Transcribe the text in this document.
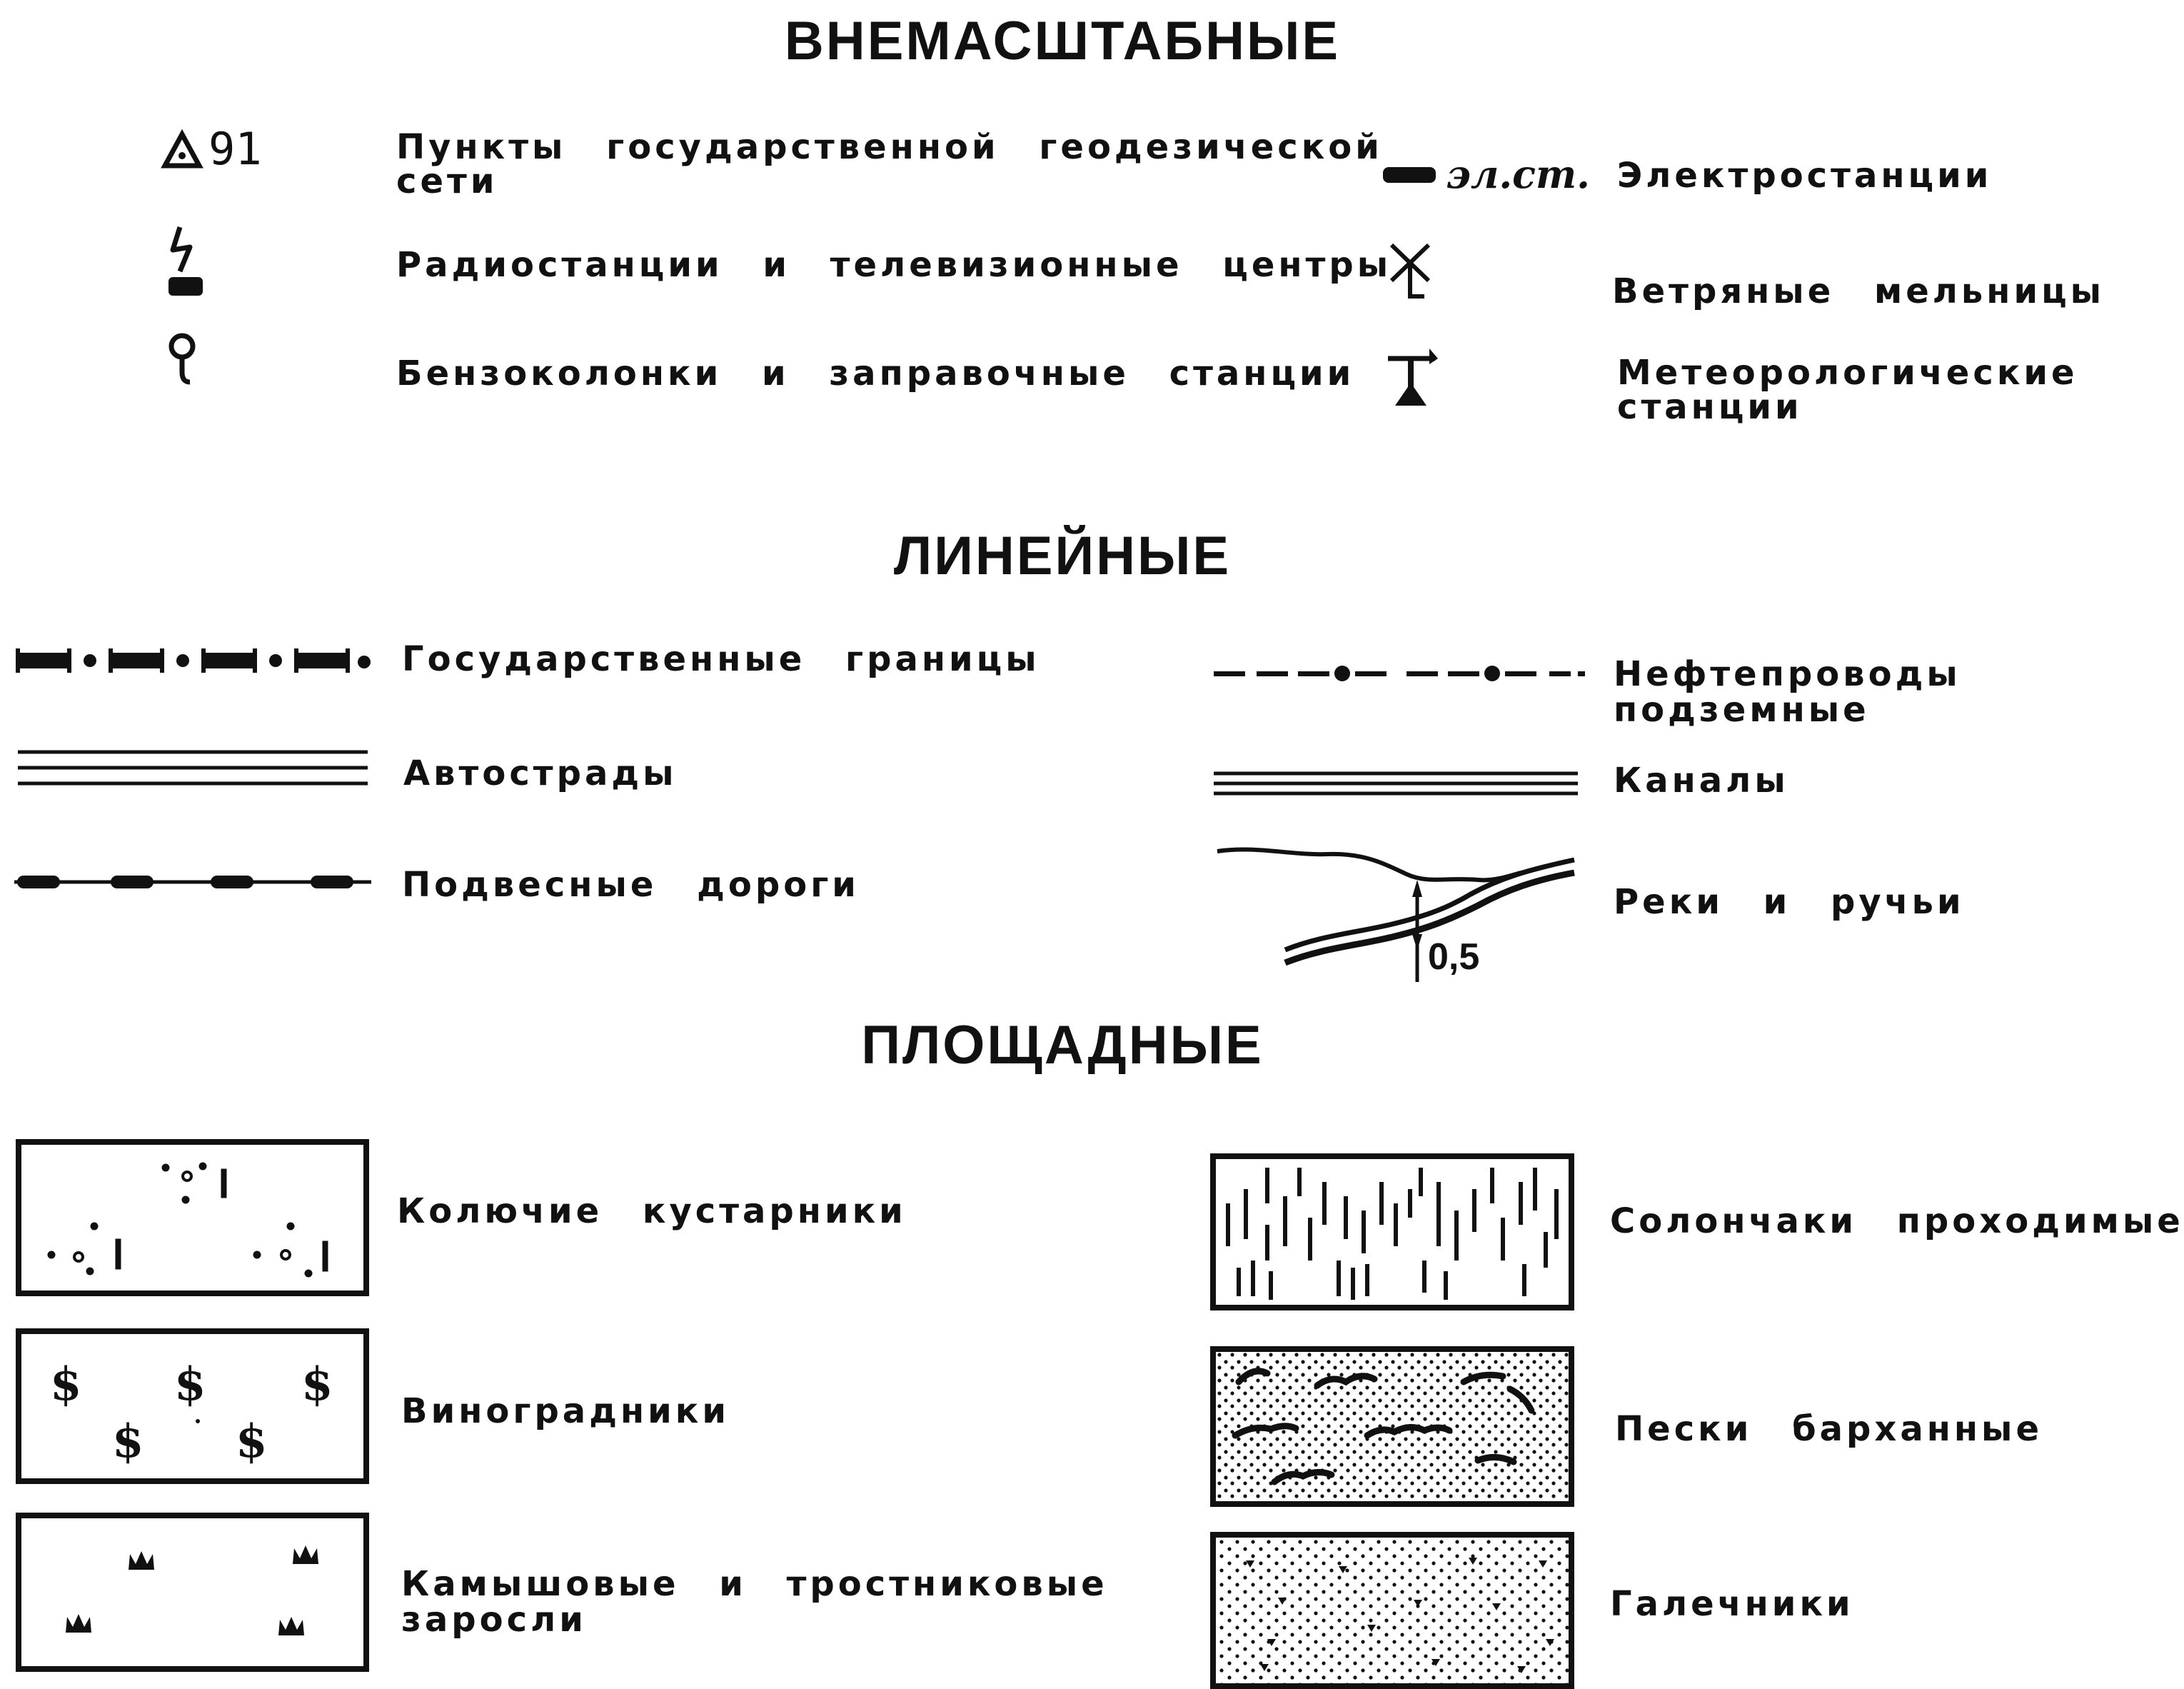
ВНЕМАСШТАБНЫЕ
ЛИНЕЙНЫЕ
ПЛОЩАДНЫЕ
91	Пункты государственной геодезической
сети
Радиостанции и телевизионные центры
Бензоколонки и заправочные станции
эл.ст. Электростанции
Ветряные мельницы
Метеорологические
станции
Государственные границы
Автострады
Подвесные дороги
Нефтепроводы
подземные
Каналы
0,5
Реки и ручьи
Колючие кустарники
$ $ $
$ $
Виноградники
Камышовые и тростниковые
заросли
Солончаки проходимые
Пески барханные
Галечники
